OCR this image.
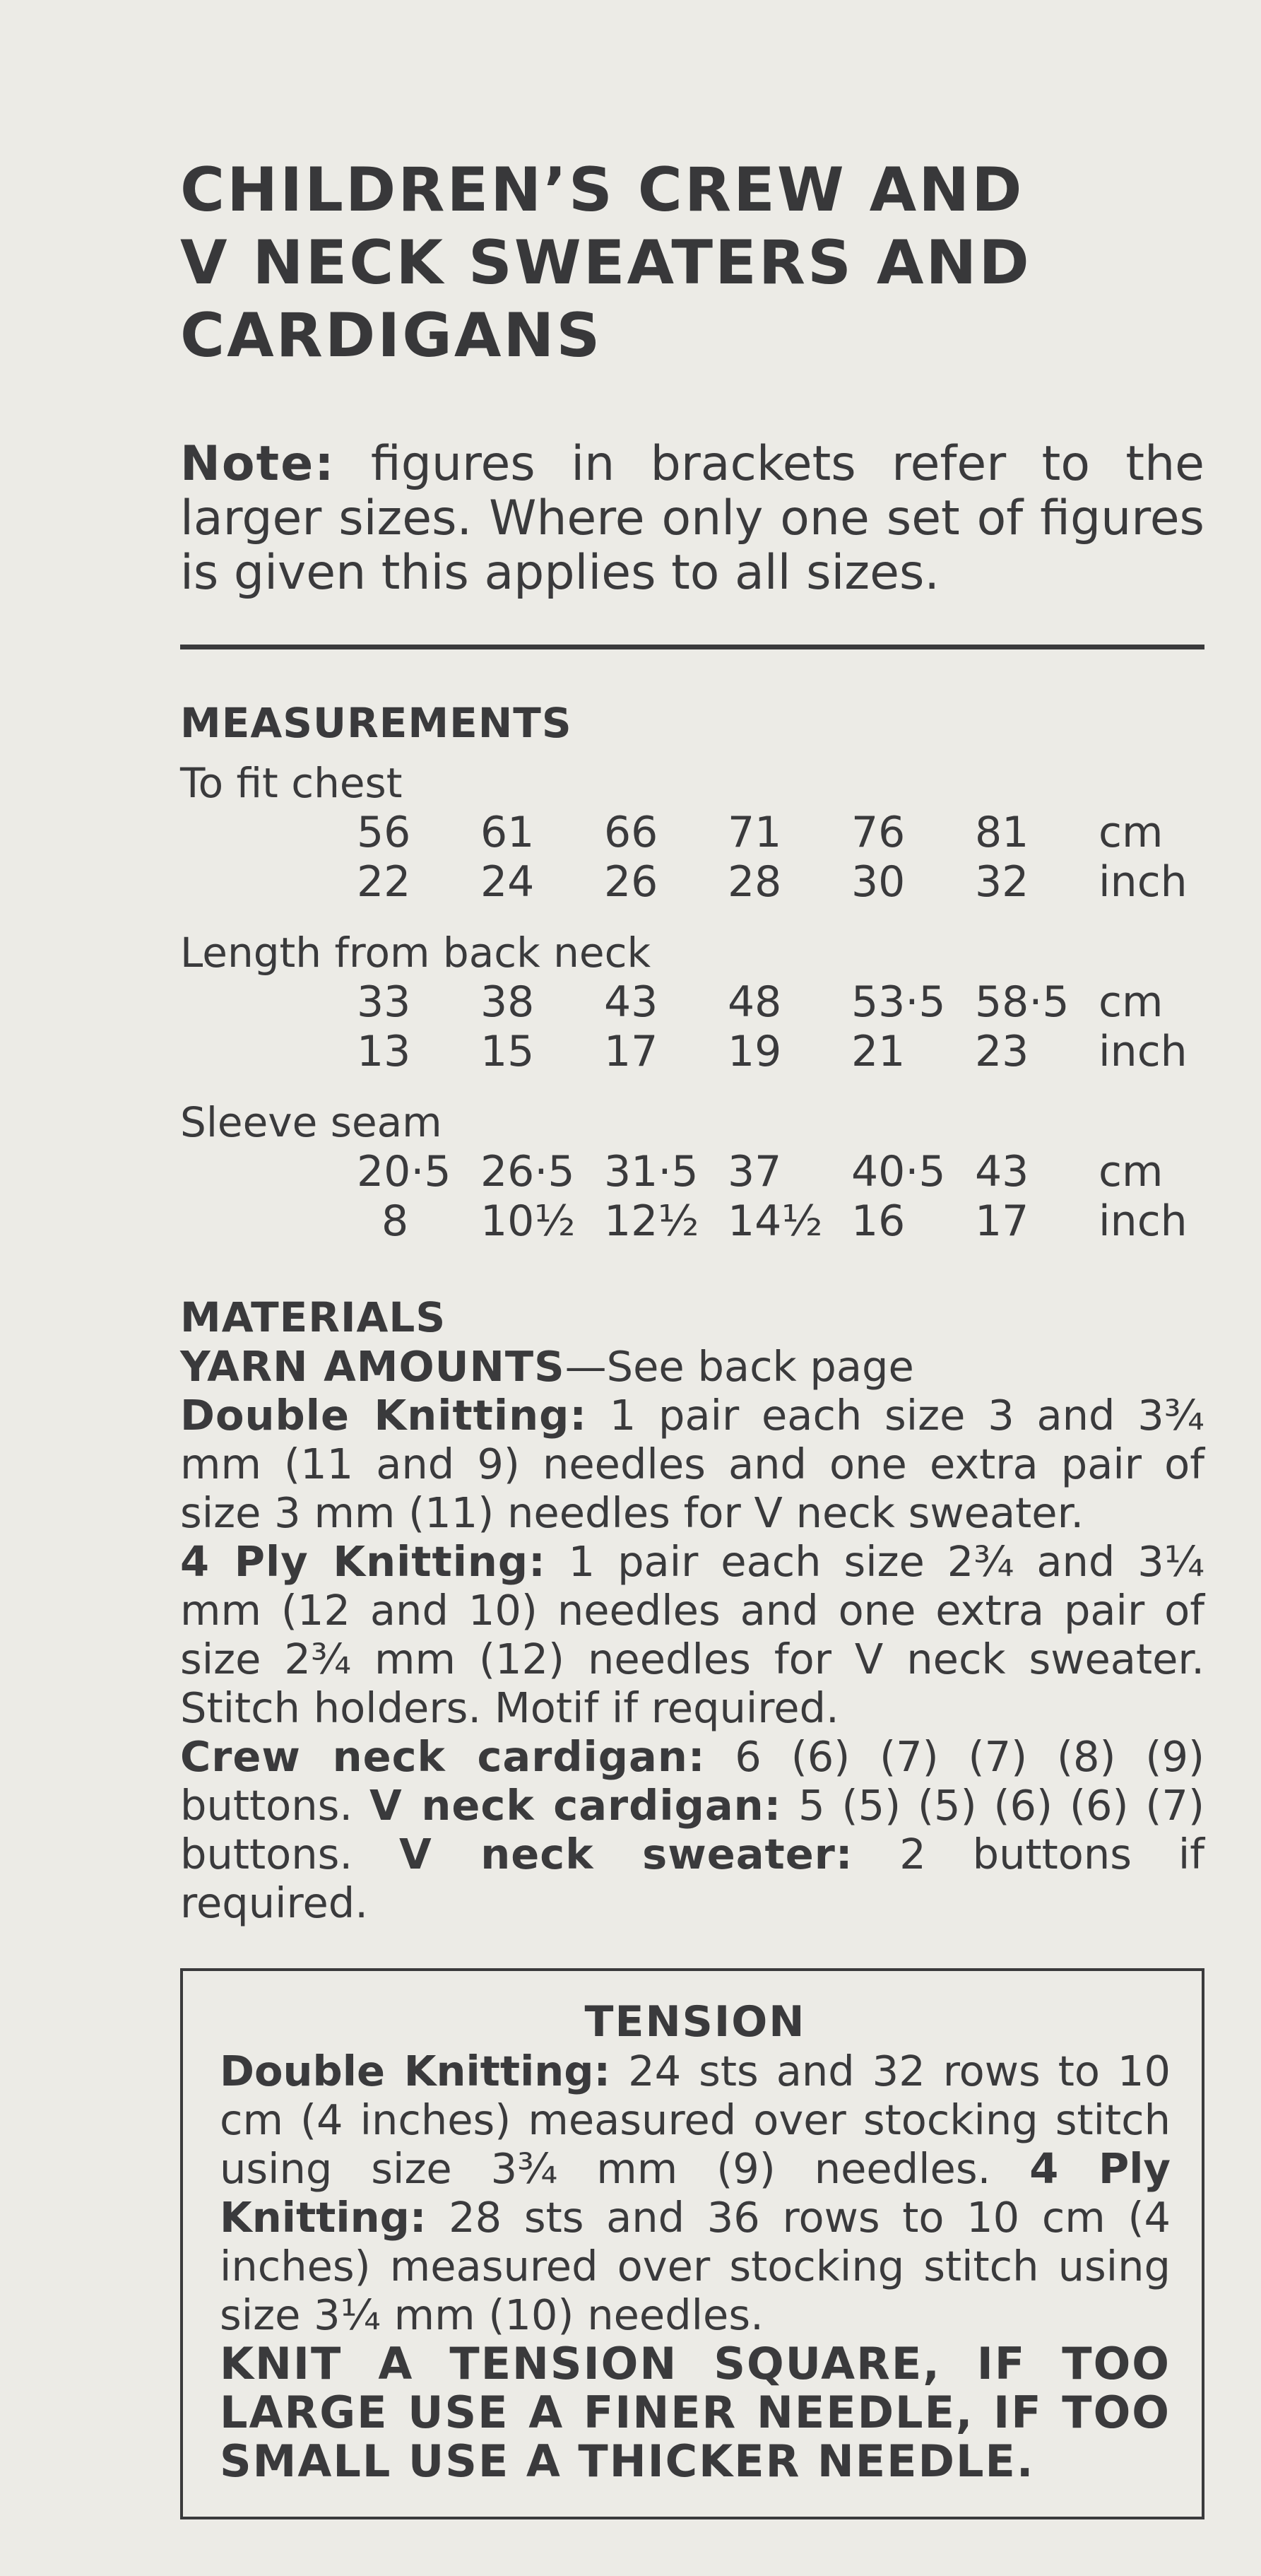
CHILDREN’S CREW AND
V NECK SWEATERS AND
CARDIGANS

Note: figures in brackets refer to the larger sizes. Where only one set of figures is given this applies to all sizes.

MEASUREMENTS
To fit chest
56 61 66 71 76 81 cm
22 24 26 28 30 32 inch
Length from back neck
33 38 43 48 53·5 58·5 cm
13 15 17 19 21 23 inch
Sleeve seam
20·5 26·5 31·5 37 40·5 43 cm
8 10½ 12½ 14½ 16 17 inch
MATERIALS
YARN AMOUNTS—See back page
Double Knitting: 1 pair each size 3 and 3¾ mm (11 and 9) needles and one extra pair of size 3 mm (11) needles for V neck sweater.
4 Ply Knitting: 1 pair each size 2¾ and 3¼ mm (12 and 10) needles and one extra pair of size 2¾ mm (12) needles for V neck sweater. Stitch holders. Motif if required.
Crew neck cardigan: 6 (6) (7) (7) (8) (9) buttons. V neck cardigan: 5 (5) (5) (6) (6) (7) buttons. V neck sweater: 2 buttons if required.
TENSION
Double Knitting: 24 sts and 32 rows to 10 cm (4 inches) measured over stocking stitch using size 3¾ mm (9) needles. 4 Ply Knitting: 28 sts and 36 rows to 10 cm (4 inches) measured over stocking stitch using size 3¼ mm (10) needles.
KNIT A TENSION SQUARE, IF TOO LARGE USE A FINER NEEDLE, IF TOO SMALL USE A THICKER NEEDLE.
